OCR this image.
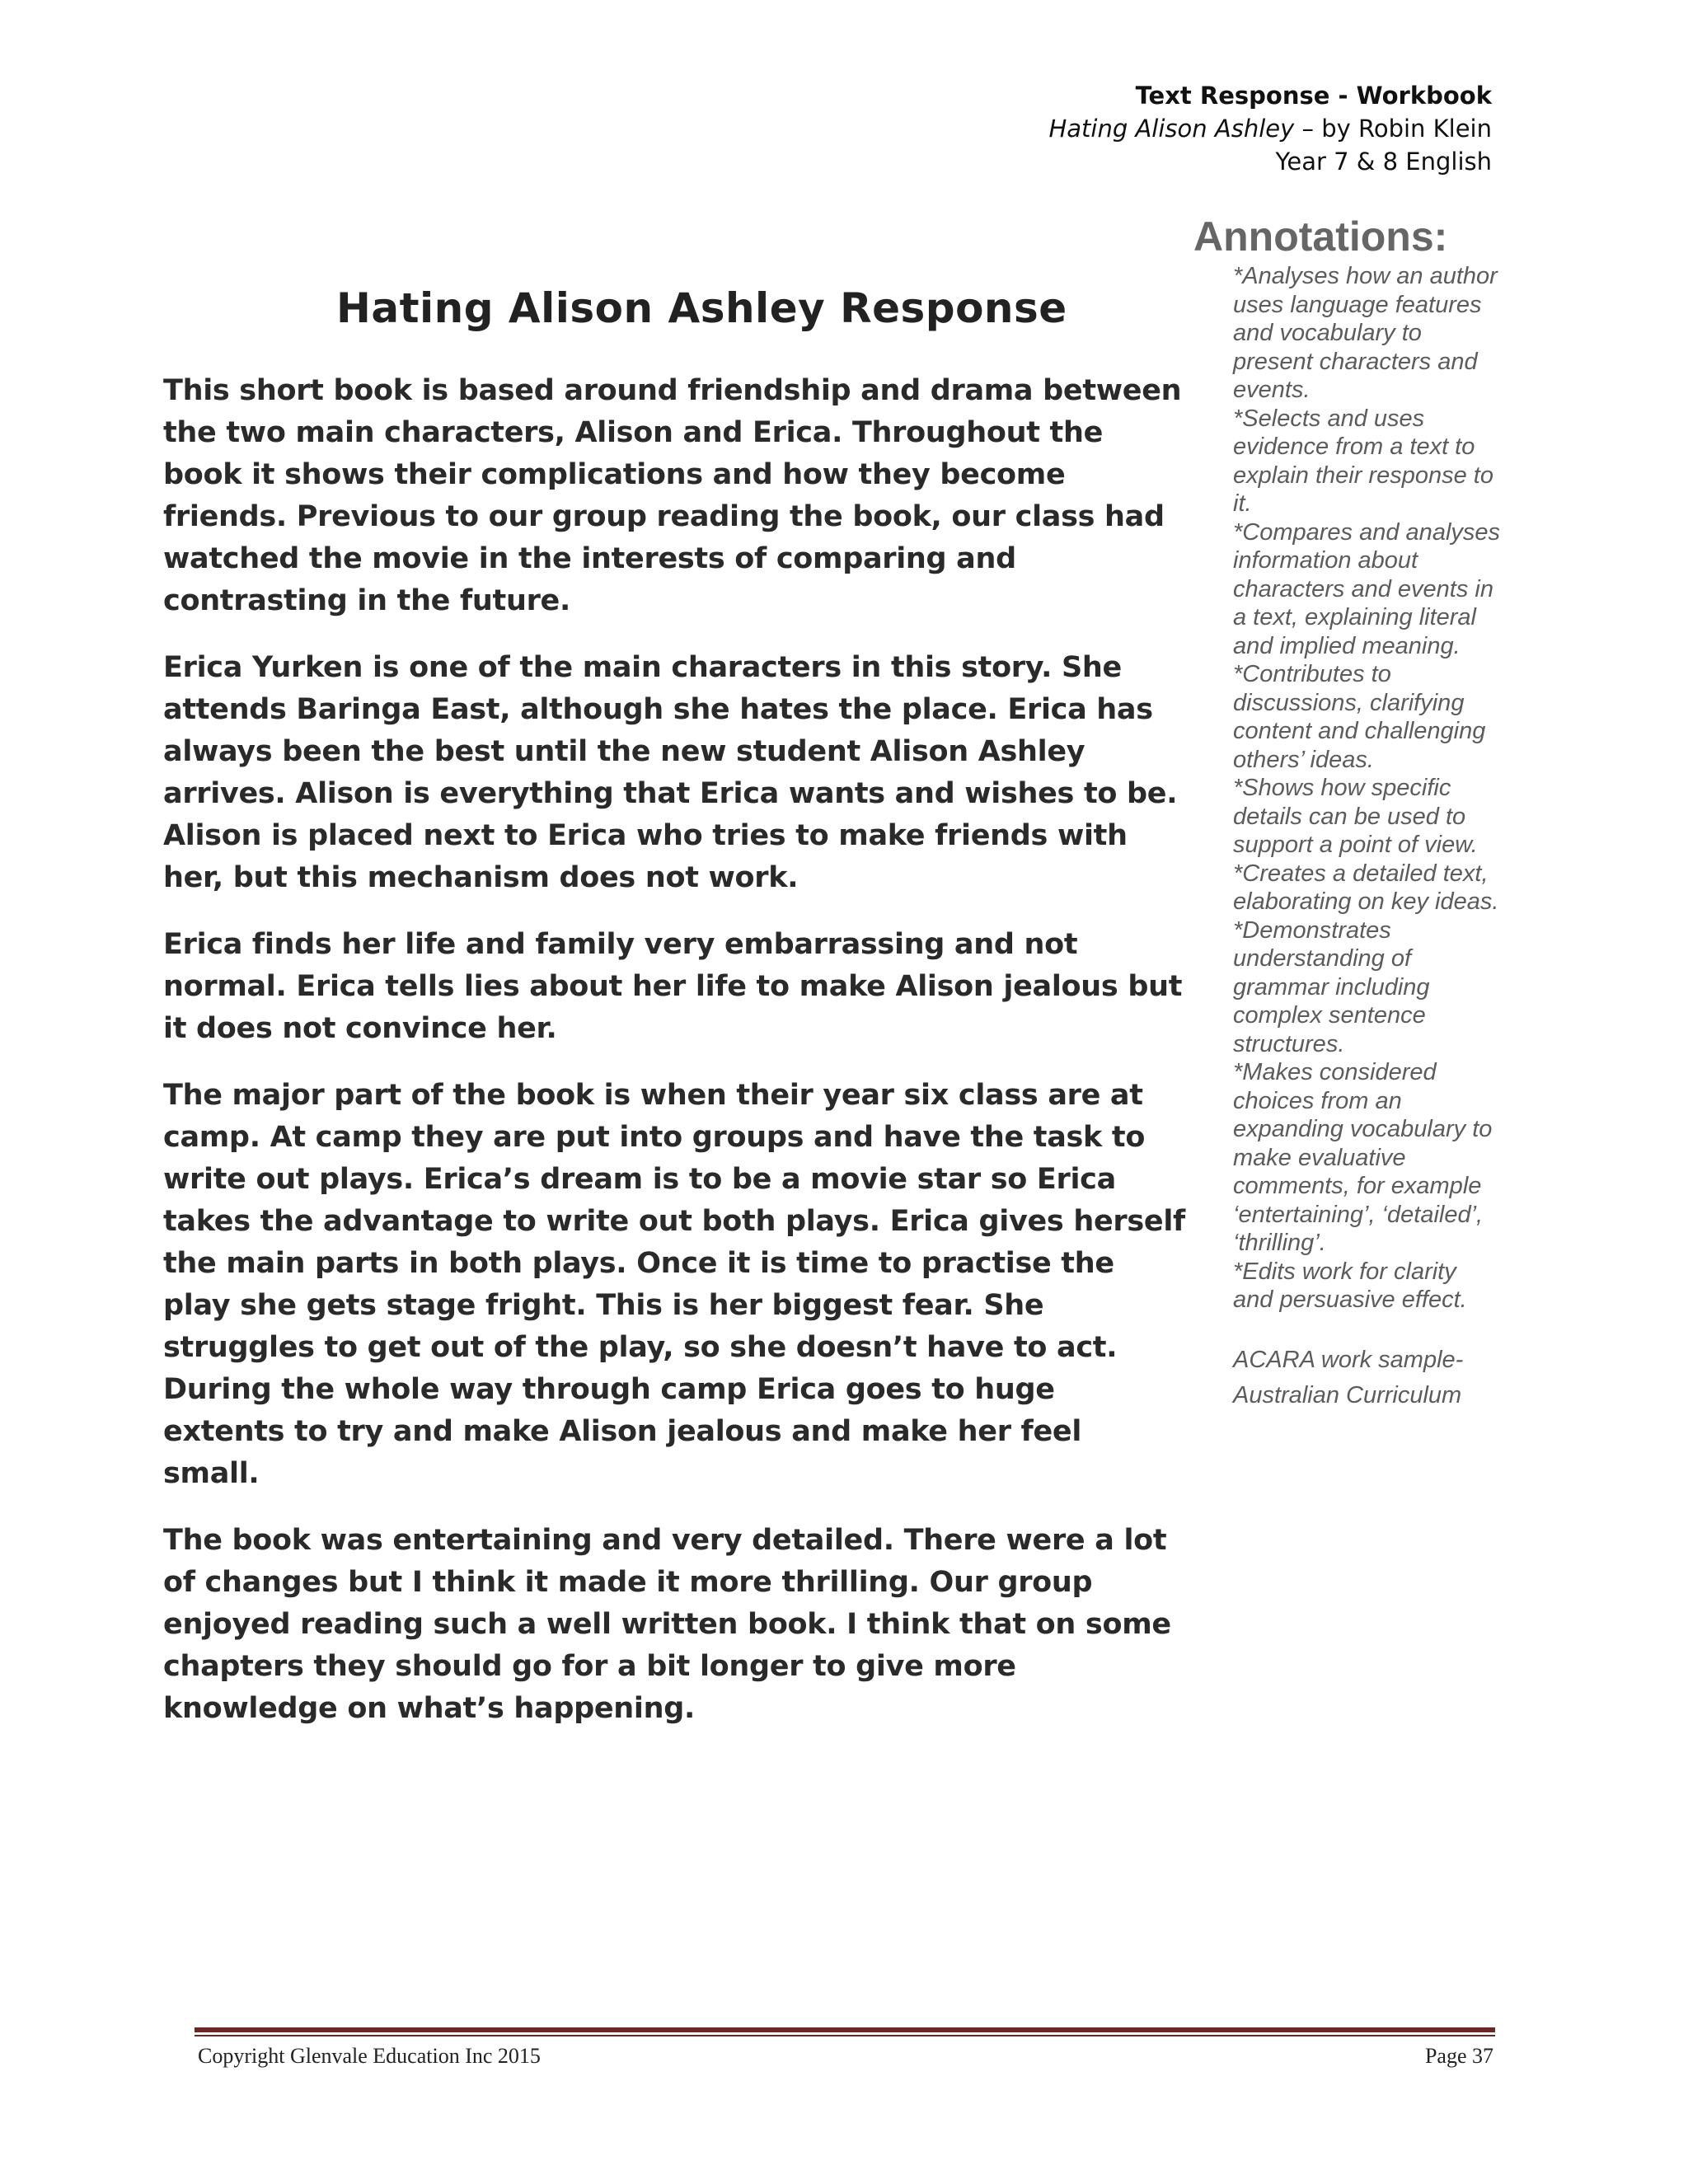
Text Response - Workbook
Hating Alison Ashley – by Robin Klein
Year 7 & 8 English
Hating Alison Ashley Response

This short book is based around friendship and drama between the two main characters, Alison and Erica. Throughout the book it shows their complications and how they become friends. Previous to our group reading the book, our class had watched the movie in the interests of comparing and contrasting in the future.

Erica Yurken is one of the main characters in this story. She attends Baringa East, although she hates the place. Erica has always been the best until the new student Alison Ashley arrives. Alison is everything that Erica wants and wishes to be. Alison is placed next to Erica who tries to make friends with her, but this mechanism does not work.

Erica finds her life and family very embarrassing and not normal. Erica tells lies about her life to make Alison jealous but it does not convince her.

The major part of the book is when their year six class are at camp. At camp they are put into groups and have the task to write out plays. Erica’s dream is to be a movie star so Erica takes the advantage to write out both plays. Erica gives herself the main parts in both plays. Once it is time to practise the play she gets stage fright. This is her biggest fear. She struggles to get out of the play, so she doesn’t have to act. During the whole way through camp Erica goes to huge extents to try and make Alison jealous and make her feel small.

The book was entertaining and very detailed. There were a lot of changes but I think it made it more thrilling. Our group enjoyed reading such a well written book. I think that on some chapters they should go for a bit longer to give more knowledge on what’s happening.

Annotations:
*Analyses how an author uses language features and vocabulary to present characters and events.
*Selects and uses evidence from a text to explain their response to it.
*Compares and analyses information about characters and events in a text, explaining literal and implied meaning.
*Contributes to discussions, clarifying content and challenging others’ ideas.
*Shows how specific details can be used to support a point of view.
*Creates a detailed text, elaborating on key ideas.
*Demonstrates understanding of grammar including complex sentence structures.
*Makes considered choices from an expanding vocabulary to make evaluative comments, for example ‘entertaining’, ‘detailed’, ‘thrilling’.
*Edits work for clarity and persuasive effect.
ACARA work sample-
Australian Curriculum
Copyright Glenvale Education Inc 2015	Page 37
